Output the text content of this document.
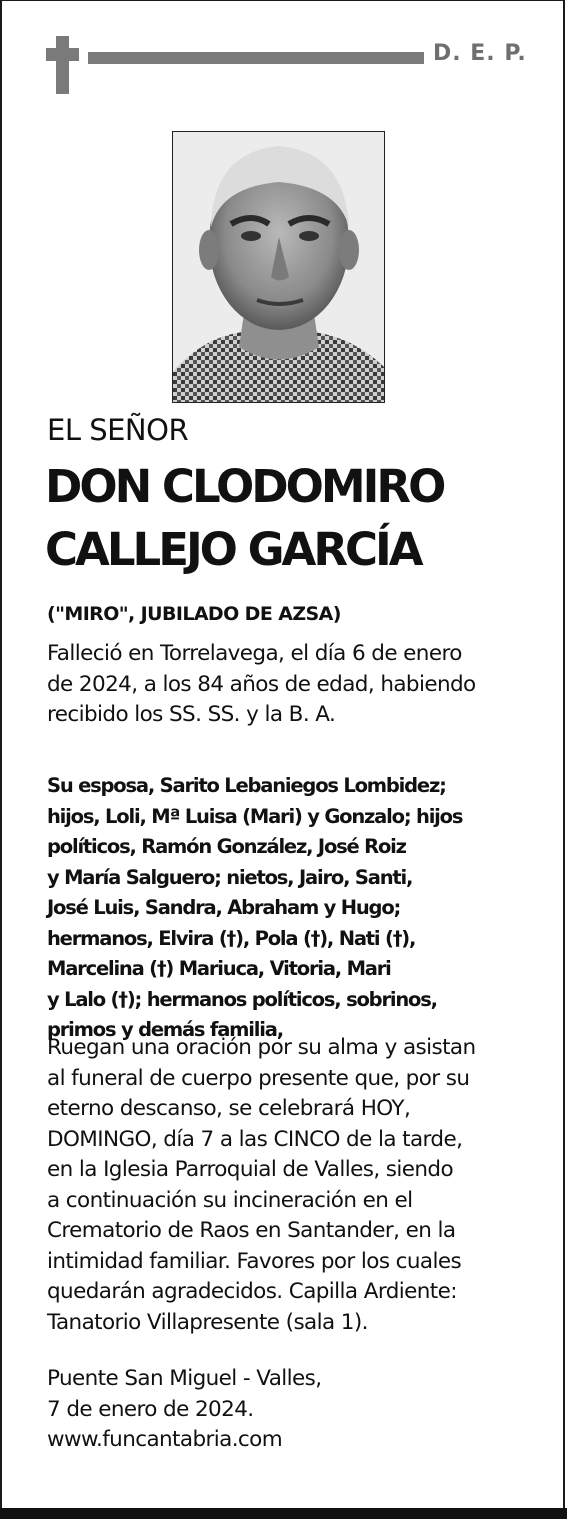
D. E. P.
EL SEÑOR
DON CLODOMIRO
CALLEJO GARCÍA
("MIRO", JUBILADO DE AZSA)
Falleció en Torrelavega, el día 6 de enero
de 2024, a los 84 años de edad, habiendo
recibido los SS. SS. y la B. A.
Su esposa, Sarito Lebaniegos Lombidez;
hijos, Loli, Mª Luisa (Mari) y Gonzalo; hijos
políticos, Ramón González, José Roiz
y María Salguero; nietos, Jairo, Santi,
José Luis, Sandra, Abraham y Hugo;
hermanos, Elvira (†), Pola (†), Nati (†),
Marcelina (†) Mariuca, Vitoria, Mari
y Lalo (†); hermanos políticos, sobrinos,
primos y demás familia,
Ruegan una oración por su alma y asistan
al funeral de cuerpo presente que, por su
eterno descanso, se celebrará HOY,
DOMINGO, día 7 a las CINCO de la tarde,
en la Iglesia Parroquial de Valles, siendo
a continuación su incineración en el
Crematorio de Raos en Santander, en la
intimidad familiar. Favores por los cuales
quedarán agradecidos. Capilla Ardiente:
Tanatorio Villapresente (sala 1).
Puente San Miguel - Valles,
7 de enero de 2024.
www.funcantabria.com
